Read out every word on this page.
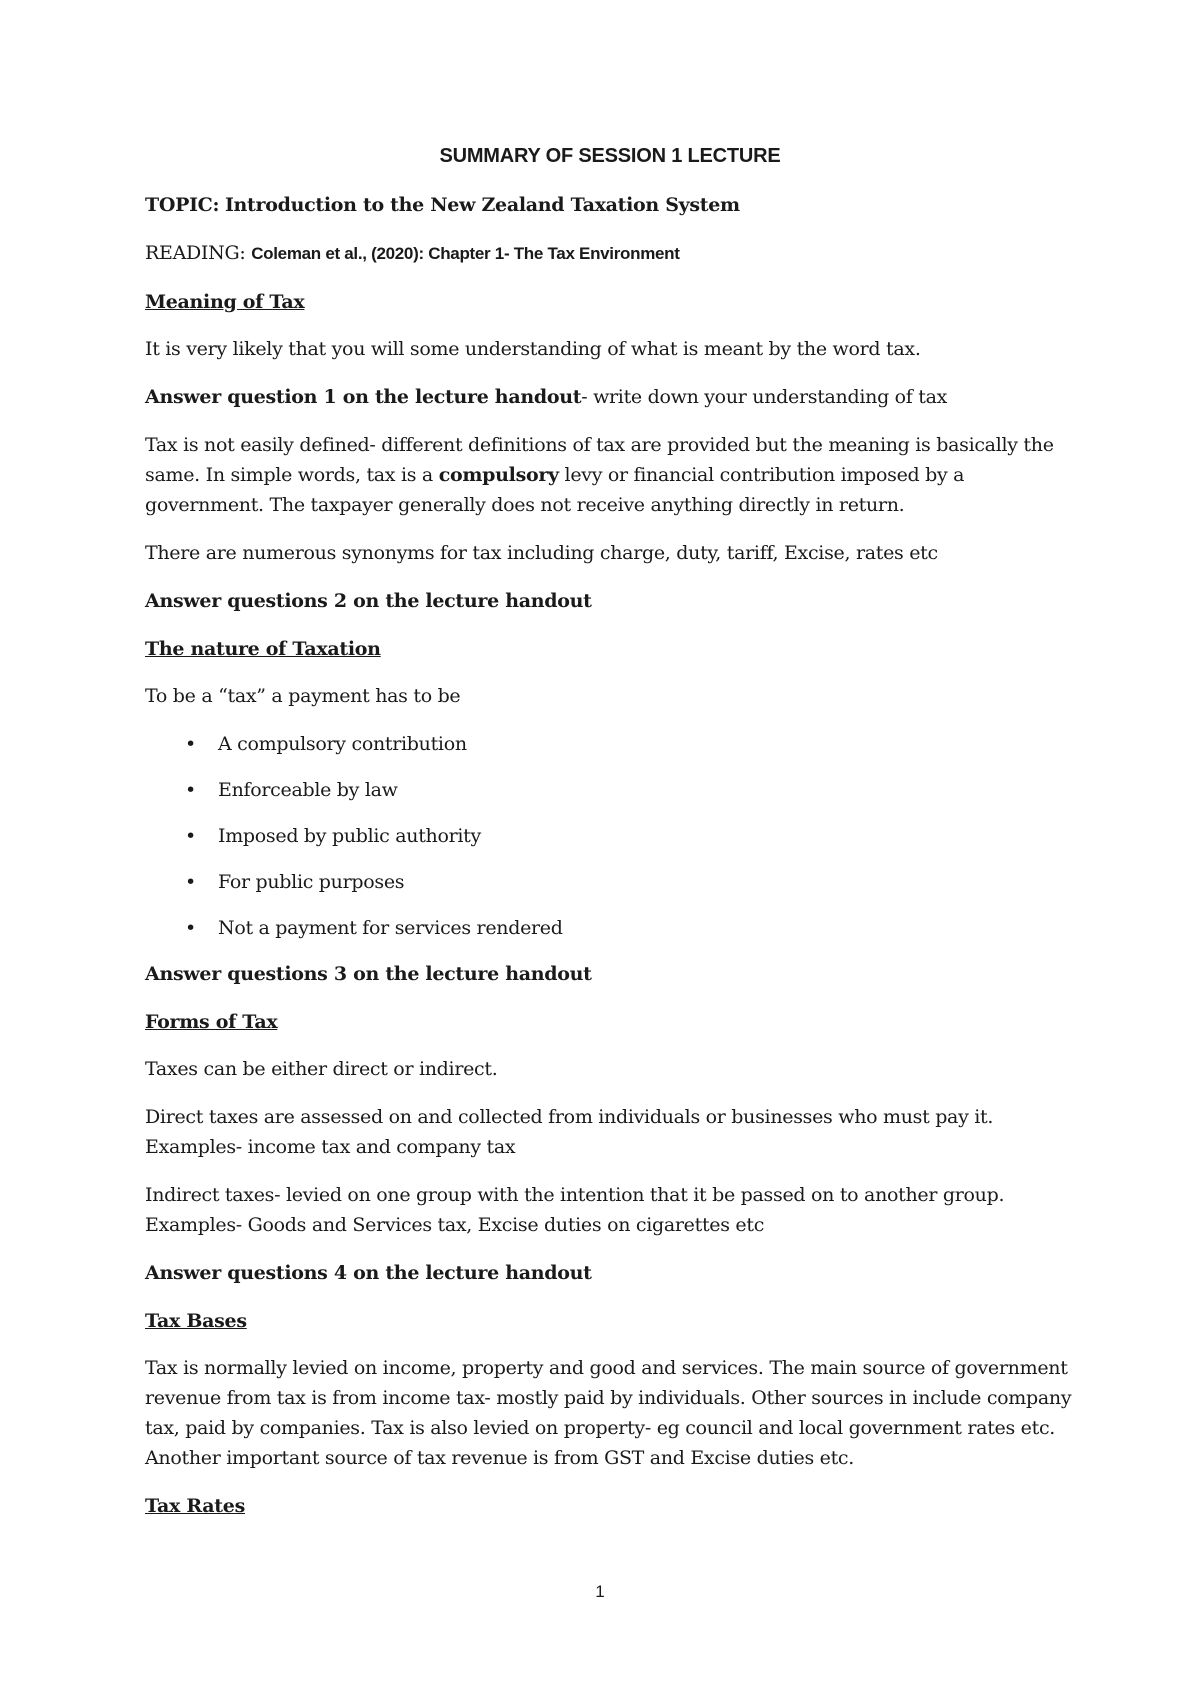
SUMMARY OF SESSION 1 LECTURE

TOPIC: Introduction to the New Zealand Taxation System

READING: Coleman et al., (2020): Chapter 1- The Tax Environment

Meaning of Tax

It is very likely that you will some understanding of what is meant by the word tax.

Answer question 1 on the lecture handout- write down your understanding of tax

Tax is not easily defined- different definitions of tax are provided but the meaning is basically the same. In simple words, tax is a compulsory levy or financial contribution imposed by a government. The taxpayer generally does not receive anything directly in return.

There are numerous synonyms for tax including charge, duty, tariff, Excise, rates etc

Answer questions 2 on the lecture handout

The nature of Taxation

To be a “tax” a payment has to be

• A compulsory contribution
• Enforceable by law
• Imposed by public authority
• For public purposes
• Not a payment for services rendered

Answer questions 3 on the lecture handout

Forms of Tax

Taxes can be either direct or indirect.

Direct taxes are assessed on and collected from individuals or businesses who must pay it. Examples- income tax and company tax

Indirect taxes- levied on one group with the intention that it be passed on to another group. Examples- Goods and Services tax, Excise duties on cigarettes etc

Answer questions 4 on the lecture handout

Tax Bases

Tax is normally levied on income, property and good and services. The main source of government revenue from tax is from income tax- mostly paid by individuals. Other sources in include company tax, paid by companies. Tax is also levied on property- eg council and local government rates etc. Another important source of tax revenue is from GST and Excise duties etc.

Tax Rates
1
